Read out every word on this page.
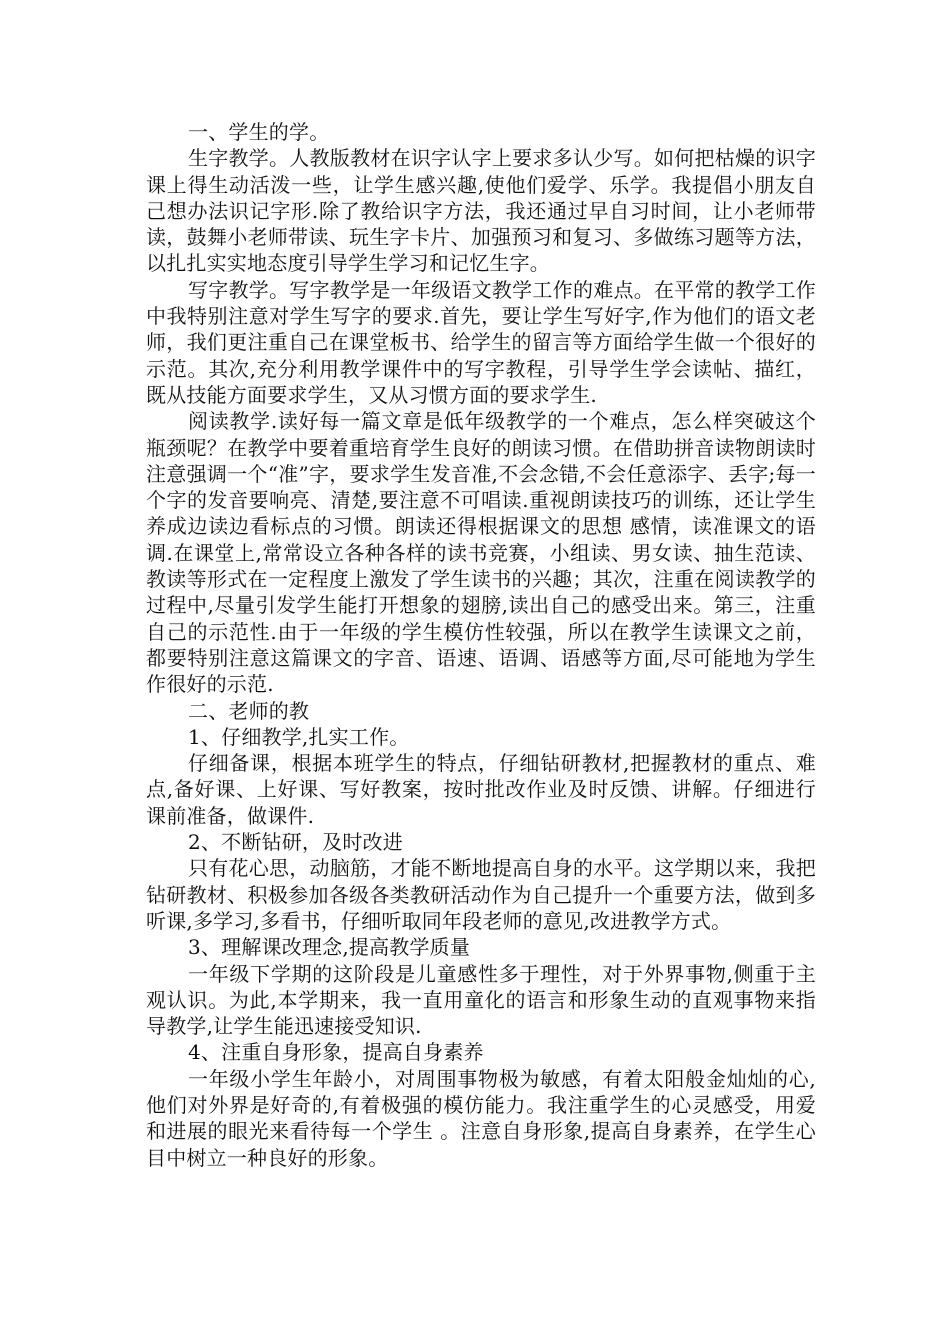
一、学生的学。

生字教学。人教版教材在识字认字上要求多认少写。如何把枯燥的识字课上得生动活泼一些，让学生感兴趣,使他们爱学、乐学。我提倡小朋友自己想办法识记字形.除了教给识字方法，我还通过早自习时间，让小老师带读，鼓舞小老师带读、玩生字卡片、加强预习和复习、多做练习题等方法，以扎扎实实地态度引导学生学习和记忆生字。

写字教学。写字教学是一年级语文教学工作的难点。在平常的教学工作中我特别注意对学生写字的要求.首先，要让学生写好字,作为他们的语文老师，我们更注重自己在课堂板书、给学生的留言等方面给学生做一个很好的示范。其次,充分利用教学课件中的写字教程，引导学生学会读帖、描红，既从技能方面要求学生，又从习惯方面的要求学生.

阅读教学.读好每一篇文章是低年级教学的一个难点，怎么样突破这个瓶颈呢？在教学中要着重培育学生良好的朗读习惯。在借助拼音读物朗读时注意强调一个“准”字，要求学生发音准,不会念错,不会任意添字、丢字;每一个字的发音要响亮、清楚,要注意不可唱读.重视朗读技巧的训练，还让学生养成边读边看标点的习惯。朗读还得根据课文的思想 感情，读准课文的语调.在课堂上,常常设立各种各样的读书竞赛，小组读、男女读、抽生范读、教读等形式在一定程度上激发了学生读书的兴趣；其次，注重在阅读教学的过程中,尽量引发学生能打开想象的翅膀,读出自己的感受出来。第三，注重自己的示范性.由于一年级的学生模仿性较强，所以在教学生读课文之前，都要特别注意这篇课文的字音、语速、语调、语感等方面,尽可能地为学生作很好的示范.

二、老师的教

1、仔细教学,扎实工作。

仔细备课，根据本班学生的特点，仔细钻研教材,把握教材的重点、难点,备好课、上好课、写好教案，按时批改作业及时反馈、讲解。仔细进行课前准备，做课件.

2、不断钻研，及时改进

只有花心思，动脑筋，才能不断地提高自身的水平。这学期以来，我把钻研教材、积极参加各级各类教研活动作为自己提升一个重要方法，做到多听课,多学习,多看书，仔细听取同年段老师的意见,改进教学方式。

3、理解课改理念,提高教学质量

一年级下学期的这阶段是儿童感性多于理性，对于外界事物,侧重于主观认识。为此,本学期来，我一直用童化的语言和形象生动的直观事物来指导教学,让学生能迅速接受知识.

4、注重自身形象，提高自身素养

一年级小学生年龄小，对周围事物极为敏感，有着太阳般金灿灿的心,他们对外界是好奇的,有着极强的模仿能力。我注重学生的心灵感受，用爱和进展的眼光来看待每一个学生 。注意自身形象,提高自身素养，在学生心目中树立一种良好的形象。
